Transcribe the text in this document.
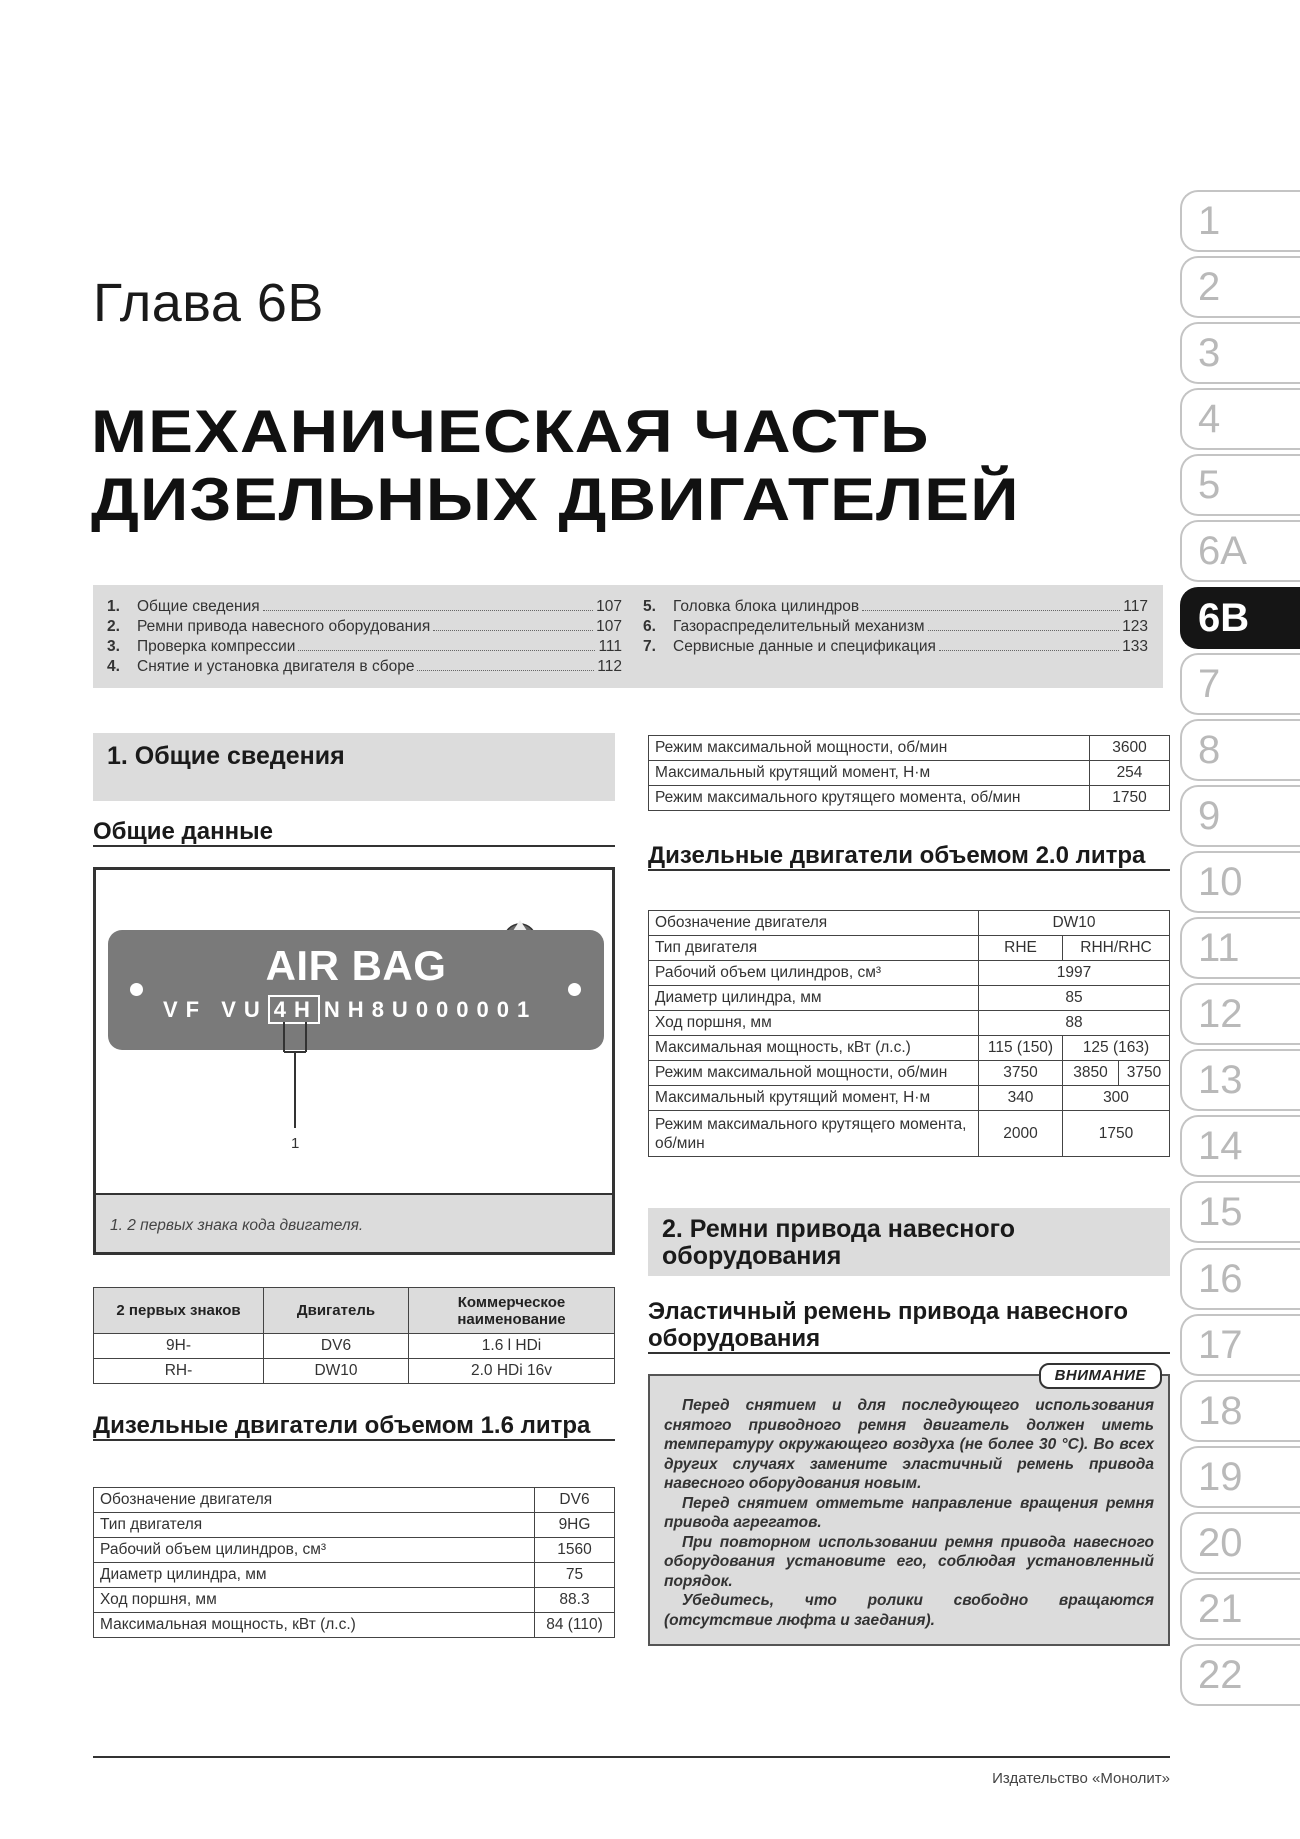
Глава 6В
МЕХАНИЧЕСКАЯ ЧАСТЬ
ДИЗЕЛЬНЫХ ДВИГАТЕЛЕЙ
1.	Общие сведения	107
2.	Ремни привода навесного оборудования	107
3.	Проверка компрессии	111
4.	Снятие и установка двигателя в сборе	112
5.	Головка блока цилиндров	117
6.	Газораспределительный механизм	123
7.	Сервисные данные и спецификация	133
1
2
3
4
5
6A
6B
7
8
9
10
11
12
13
14
15
16
17
18
19
20
21
22
1. Общие сведения
Общие данные
AIR BAG
VF VU 4H NH8U000001
1
1. 2 первых знака кода двигателя.
2 первых знаков	Двигатель	Коммерческое наименование
9H-	DV6	1.6 l HDi
RH-	DW10	2.0 HDi 16v
Дизельные двигатели объемом 1.6 литра
Обозначение двигателя	DV6
Тип двигателя	9HG
Рабочий объем цилиндров, см³	1560
Диаметр цилиндра, мм	75
Ход поршня, мм	88.3
Максимальная мощность, кВт (л.с.)	84 (110)
Режим максимальной мощности, об/мин	3600
Максимальный крутящий момент, Н·м	254
Режим максимального крутящего момента, об/мин	1750
Дизельные двигатели объемом 2.0 литра
Обозначение двигателя	DW10		
Тип двигателя	RHE	RHH/RHC	
Рабочий объем цилиндров, см³	1997		
Диаметр цилиндра, мм	85		
Ход поршня, мм	88		
Максимальная мощность, кВт (л.с.)	115 (150)	125 (163)	
Режим максимальной мощности, об/мин	3750	3850	3750
Максимальный крутящий момент, Н·м	340	300	
Режим максимального крутящего момента, об/мин	2000	1750	
2. Ремни привода навесного оборудования
Эластичный ремень привода навесного оборудования
ВНИМАНИЕ

Перед снятием и для последующего использования снятого приводного ремня двигатель должен иметь температуру окружающего воздуха (не более 30 °С). Во всех других случаях замените эластичный ремень привода навесного оборудования новым.

Перед снятием отметьте направление вращения ремня привода агрегатов.

При повторном использовании ремня привода навесного оборудования установите его, соблюдая установленный порядок.

Убедитесь, что ролики свободно вращаются (отсутствие люфта и заедания).

Издательство «Монолит»
